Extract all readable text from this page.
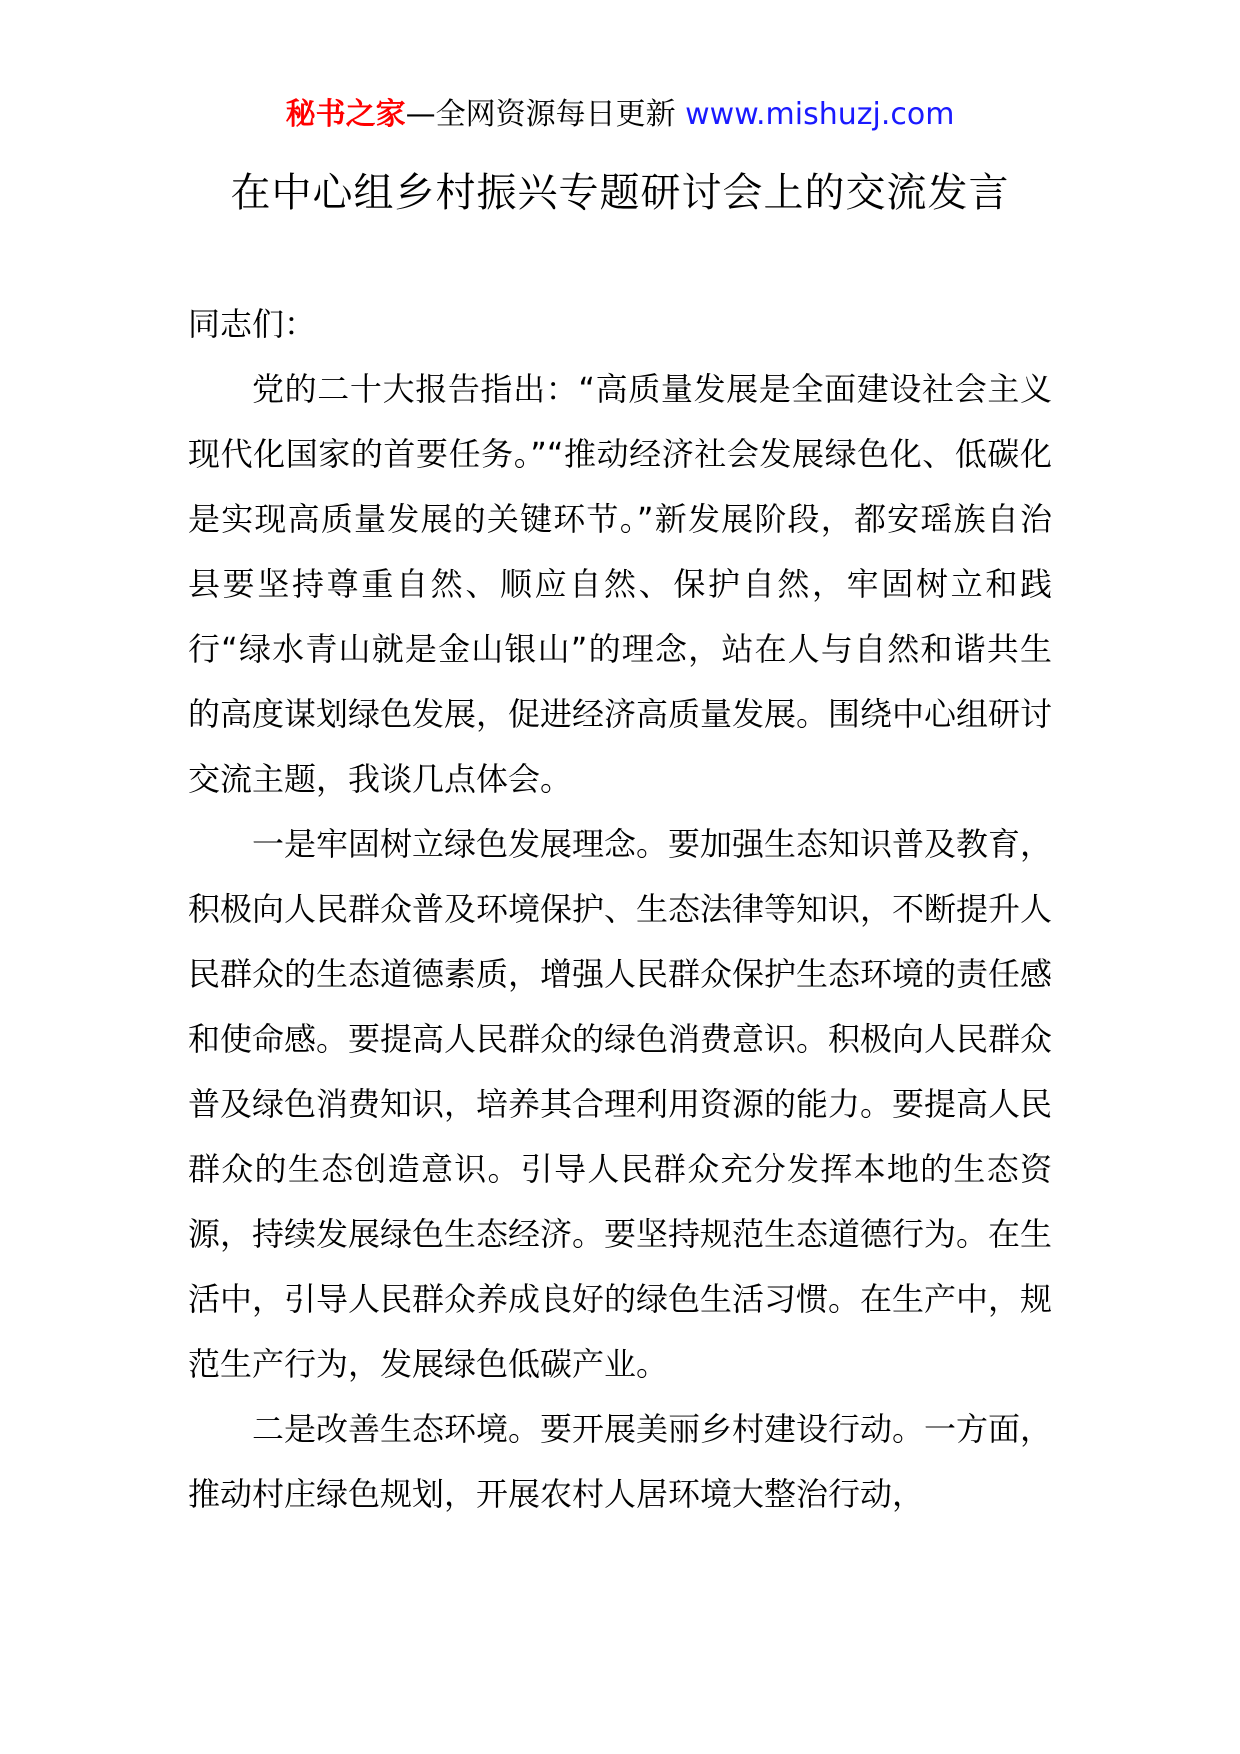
秘书之家—全网资源每日更新 www.mishuzj.com
在中心组乡村振兴专题研讨会上的交流发言

同志们：

党的二十大报告指出：“高质量发展是全面建设社会主义现代化国家的首要任务。”“推动经济社会发展绿色化、低碳化是实现高质量发展的关键环节。”新发展阶段，都安瑶族自治县要坚持尊重自然、顺应自然、保护自然，牢固树立和践行“绿水青山就是金山银山”的理念，站在人与自然和谐共生的高度谋划绿色发展，促进经济高质量发展。围绕中心组研讨交流主题，我谈几点体会。

一是牢固树立绿色发展理念。要加强生态知识普及教育，积极向人民群众普及环境保护、生态法律等知识，不断提升人民群众的生态道德素质，增强人民群众保护生态环境的责任感和使命感。要提高人民群众的绿色消费意识。积极向人民群众普及绿色消费知识，培养其合理利用资源的能力。要提高人民群众的生态创造意识。引导人民群众充分发挥本地的生态资源，持续发展绿色生态经济。要坚持规范生态道德行为。在生活中，引导人民群众养成良好的绿色生活习惯。在生产中，规范生产行为，发展绿色低碳产业。

二是改善生态环境。要开展美丽乡村建设行动。一方面，推动村庄绿色规划，开展农村人居环境大整治行动，
